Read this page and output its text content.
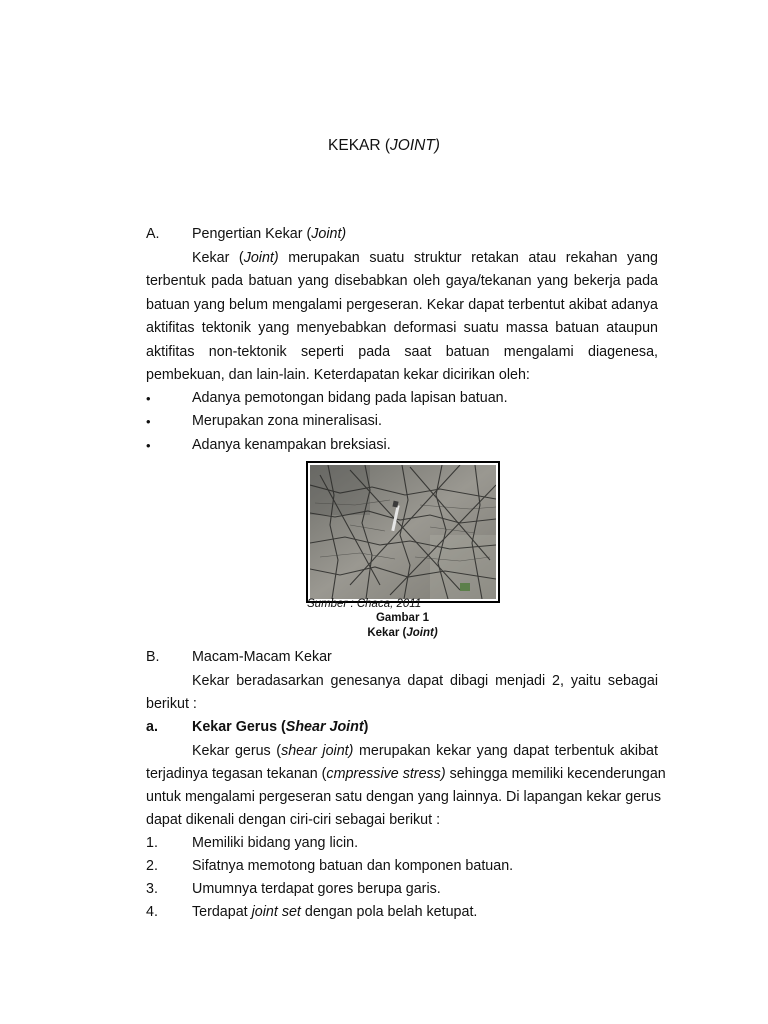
KEKAR (JOINT)
A. Pengertian Kekar (Joint)
Kekar (Joint) merupakan suatu struktur retakan atau rekahan yang
terbentuk pada batuan yang disebabkan oleh gaya/tekanan yang bekerja pada
batuan yang belum mengalami pergeseran. Kekar dapat terbentut akibat adanya
aktifitas tektonik yang menyebabkan deformasi suatu massa batuan ataupun
aktifitas non-tektonik seperti pada saat batuan mengalami diagenesa,
pembekuan, dan lain-lain. Keterdapatan kekar dicirikan oleh:
•	Adanya pemotongan bidang pada lapisan batuan.
•	Merupakan zona mineralisasi.
•	Adanya kenampakan breksiasi.
Sumber : Chaca, 2011
Gambar 1
Kekar (Joint)
B. Macam-Macam Kekar
Kekar beradasarkan genesanya dapat dibagi menjadi 2, yaitu sebagai
berikut :
a. Kekar Gerus (Shear Joint)
Kekar gerus (shear joint) merupakan kekar yang dapat terbentuk akibat
terjadinya tegasan tekanan (cmpressive stress) sehingga memiliki kecenderungan
untuk mengalami pergeseran satu dengan yang lainnya. Di lapangan kekar gerus
dapat dikenali dengan ciri-ciri sebagai berikut :
1. Memiliki bidang yang licin.
2. Sifatnya memotong batuan dan komponen batuan.
3. Umumnya terdapat gores berupa garis.
4. Terdapat joint set dengan pola belah ketupat.
